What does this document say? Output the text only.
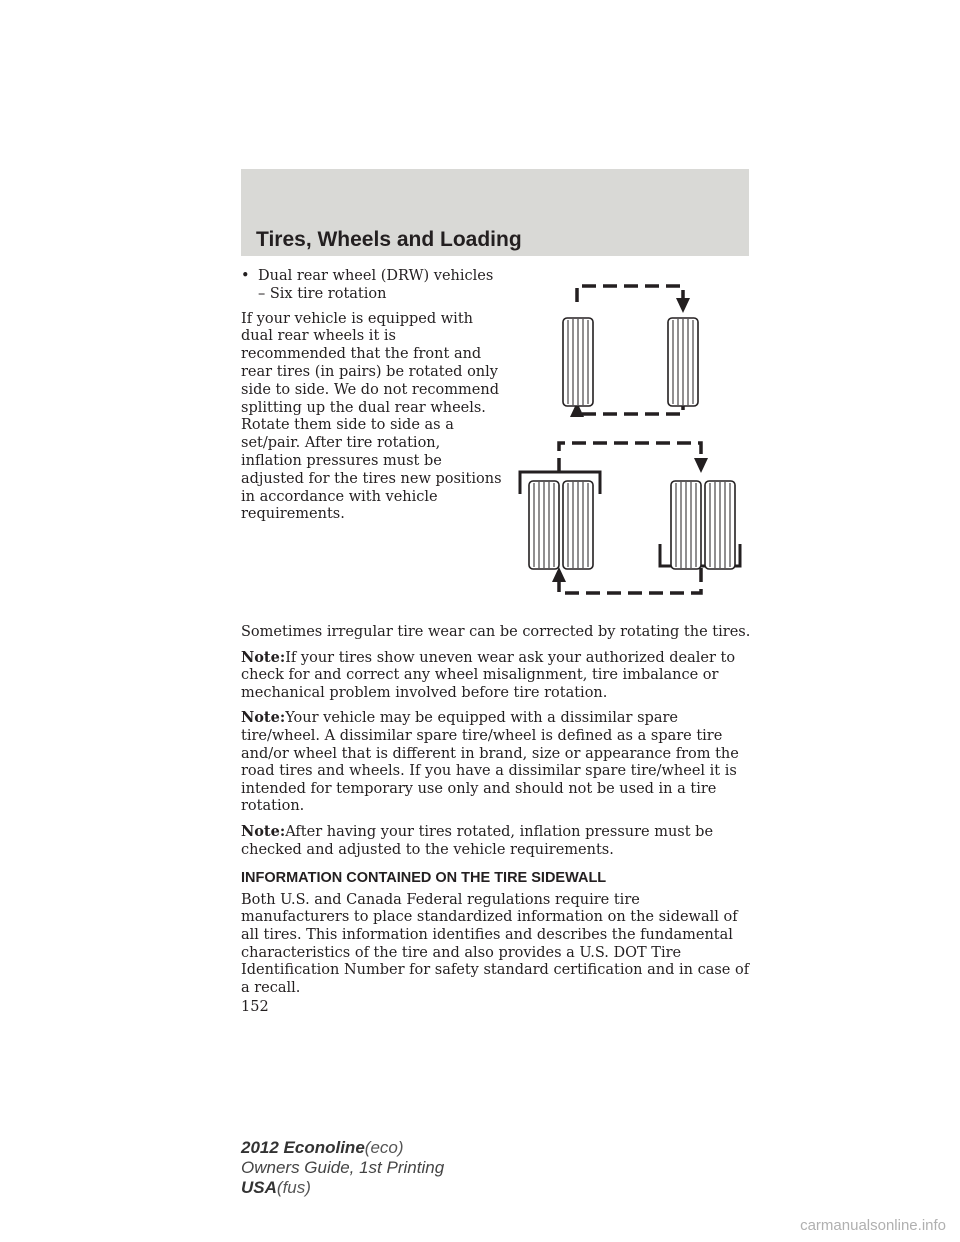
Tires, Wheels and Loading
• Dual rear wheel (DRW) vehicles – Six tire rotation

If your vehicle is equipped with dual rear wheels it is recommended that the front and rear tires (in pairs) be rotated only side to side. We do not recommend splitting up the dual rear wheels. Rotate them side to side as a set/pair. After tire rotation, inflation pressures must be adjusted for the tires new positions in accordance with vehicle requirements.

Sometimes irregular tire wear can be corrected by rotating the tires.

Note:If your tires show uneven wear ask your authorized dealer to check for and correct any wheel misalignment, tire imbalance or mechanical problem involved before tire rotation.

Note:Your vehicle may be equipped with a dissimilar spare tire/wheel. A dissimilar spare tire/wheel is defined as a spare tire and/or wheel that is different in brand, size or appearance from the road tires and wheels. If you have a dissimilar spare tire/wheel it is intended for temporary use only and should not be used in a tire rotation.

Note:After having your tires rotated, inflation pressure must be checked and adjusted to the vehicle requirements.

INFORMATION CONTAINED ON THE TIRE SIDEWALL

Both U.S. and Canada Federal regulations require tire manufacturers to place standardized information on the sidewall of all tires. This information identifies and describes the fundamental characteristics of the tire and also provides a U.S. DOT Tire Identification Number for safety standard certification and in case of a recall.

152
2012 Econoline(eco)
Owners Guide, 1st Printing
USA(fus)
carmanualsonline.info
